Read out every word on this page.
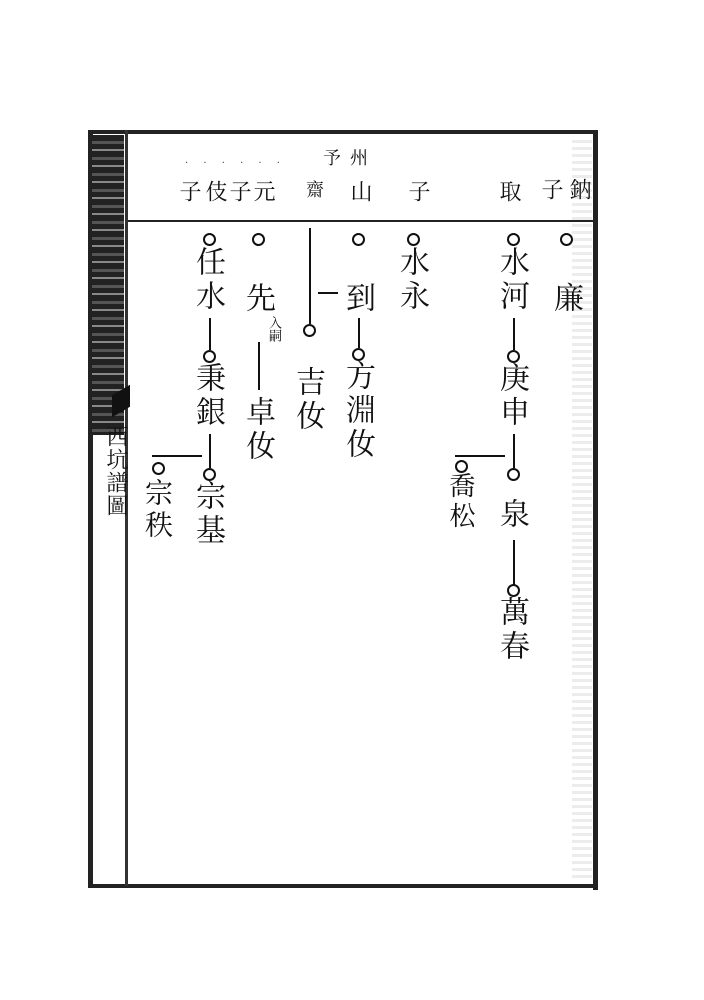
西坑譜圖
· · · · · · 予 州
鈉
子
取
子
山
齋
元
子
伎
子
廉
水河
庚申
泉
萬春
喬松
水永
到
方淵
㚢
吉㚢
先
入嗣
卓㚢
任水
秉銀
宗基
宗秩
